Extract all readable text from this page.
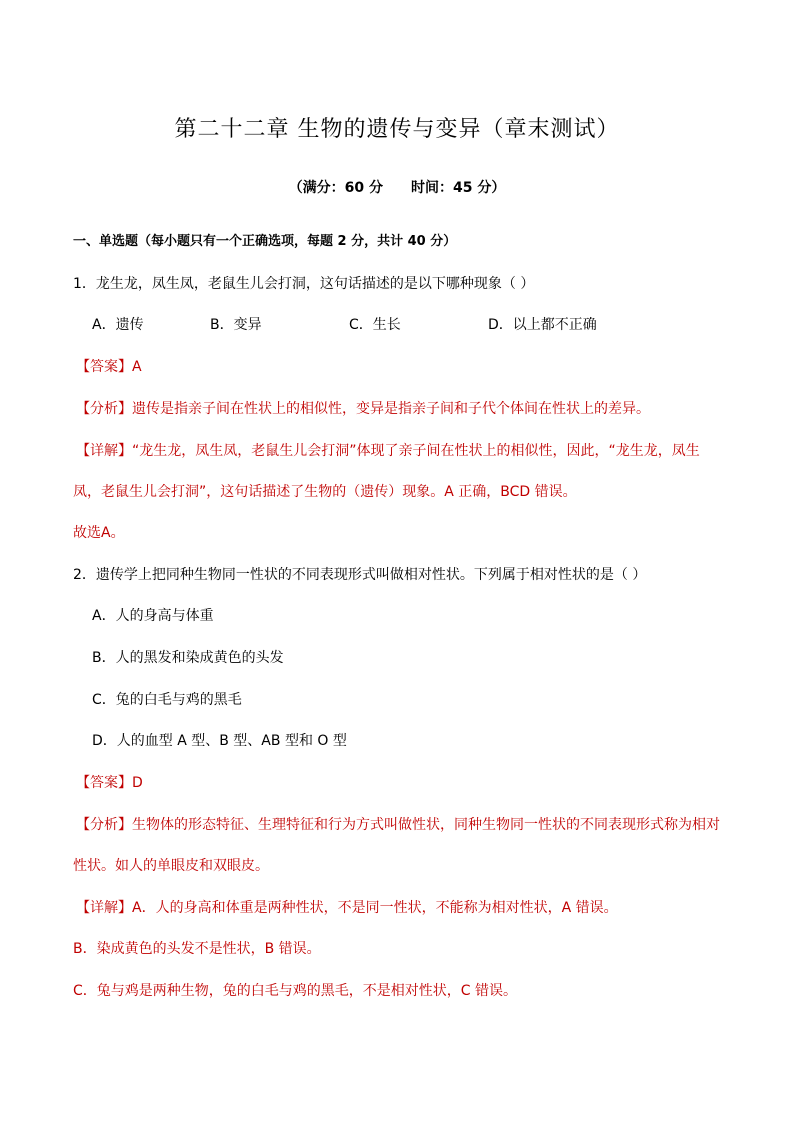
第二十二章 生物的遗传与变异（章末测试）
（满分：60 分 时间：45 分）
一、单选题（每小题只有一个正确选项，每题 2 分，共计 40 分）
1．龙生龙，凤生凤，老鼠生儿会打洞，这句话描述的是以下哪种现象（ ）
A．遗传	B．变异	C．生长	D．以上都不正确
【答案】A
【分析】遗传是指亲子间在性状上的相似性，变异是指亲子间和子代个体间在性状上的差异。
【详解】“龙生龙，凤生凤，老鼠生儿会打洞”体现了亲子间在性状上的相似性，因此，“龙生龙，凤生
凤，老鼠生儿会打洞”，这句话描述了生物的（遗传）现象。A 正确，BCD 错误。
故选A。
2．遗传学上把同种生物同一性状的不同表现形式叫做相对性状。下列属于相对性状的是（ ）
A．人的身高与体重
B．人的黑发和染成黄色的头发
C．兔的白毛与鸡的黑毛
D．人的血型 A 型、B 型、AB 型和 O 型
【答案】D
【分析】生物体的形态特征、生理特征和行为方式叫做性状，同种生物同一性状的不同表现形式称为相对
性状。如人的单眼皮和双眼皮。
【详解】A．人的身高和体重是两种性状，不是同一性状，不能称为相对性状，A 错误。
B．染成黄色的头发不是性状，B 错误。
C．兔与鸡是两种生物，兔的白毛与鸡的黑毛，不是相对性状，C 错误。
